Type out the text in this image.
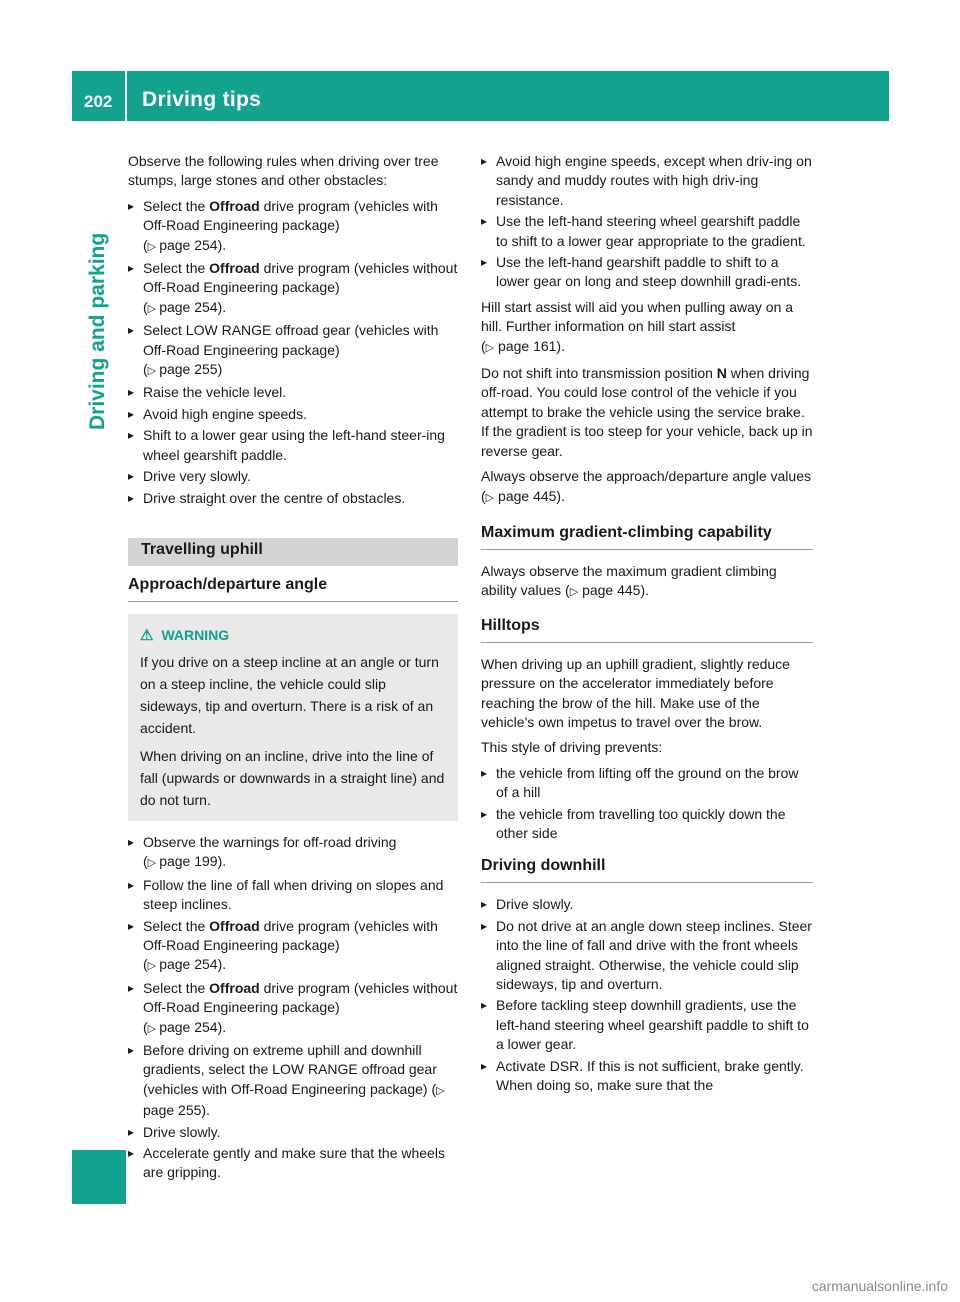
202 Driving tips
Driving and parking

Observe the following rules when driving over tree stumps, large stones and other obstacles:

▸ Select the Offroad drive program (vehicles with Off-Road Engineering package)
(▷ page 254).
▸ Select the Offroad drive program (vehicles without Off-Road Engineering package)
(▷ page 254).
▸ Select LOW RANGE offroad gear (vehicles with Off-Road Engineering package)
(▷ page 255)
▸ Raise the vehicle level.
▸ Avoid high engine speeds.
▸ Shift to a lower gear using the left-hand steer-ing wheel gearshift paddle.
▸ Drive very slowly.
▸ Drive straight over the centre of obstacles.
Travelling uphill
Approach/departure angle
⚠ WARNING

If you drive on a steep incline at an angle or turn on a steep incline, the vehicle could slip sideways, tip and overturn. There is a risk of an accident.

When driving on an incline, drive into the line of fall (upwards or downwards in a straight line) and do not turn.

▸ Observe the warnings for off-road driving
(▷ page 199).
▸ Follow the line of fall when driving on slopes and steep inclines.
▸ Select the Offroad drive program (vehicles with Off-Road Engineering package)
(▷ page 254).
▸ Select the Offroad drive program (vehicles without Off-Road Engineering package)
(▷ page 254).
▸ Before driving on extreme uphill and downhill gradients, select the LOW RANGE offroad gear (vehicles with Off-Road Engineering package) (▷ page 255).
▸ Drive slowly.
▸ Accelerate gently and make sure that the wheels are gripping.
▸ Avoid high engine speeds, except when driv-ing on sandy and muddy routes with high driv-ing resistance.
▸ Use the left-hand steering wheel gearshift paddle to shift to a lower gear appropriate to the gradient.
▸ Use the left-hand gearshift paddle to shift to a lower gear on long and steep downhill gradi-ents.

Hill start assist will aid you when pulling away on a hill. Further information on hill start assist
(▷ page 161).

Do not shift into transmission position N when driving off-road. You could lose control of the vehicle if you attempt to brake the vehicle using the service brake. If the gradient is too steep for your vehicle, back up in reverse gear.

Always observe the approach/departure angle values (▷ page 445).

Maximum gradient-climbing capability

Always observe the maximum gradient climbing ability values (▷ page 445).

Hilltops

When driving up an uphill gradient, slightly reduce pressure on the accelerator immediately before reaching the brow of the hill. Make use of the vehicle's own impetus to travel over the brow.

This style of driving prevents:

▸ the vehicle from lifting off the ground on the brow of a hill
▸ the vehicle from travelling too quickly down the other side
Driving downhill
▸ Drive slowly.
▸ Do not drive at an angle down steep inclines. Steer into the line of fall and drive with the front wheels aligned straight. Otherwise, the vehicle could slip sideways, tip and overturn.
▸ Before tackling steep downhill gradients, use the left-hand steering wheel gearshift paddle to shift to a lower gear.
▸ Activate DSR. If this is not sufficient, brake gently. When doing so, make sure that the
carmanualsonline.info
